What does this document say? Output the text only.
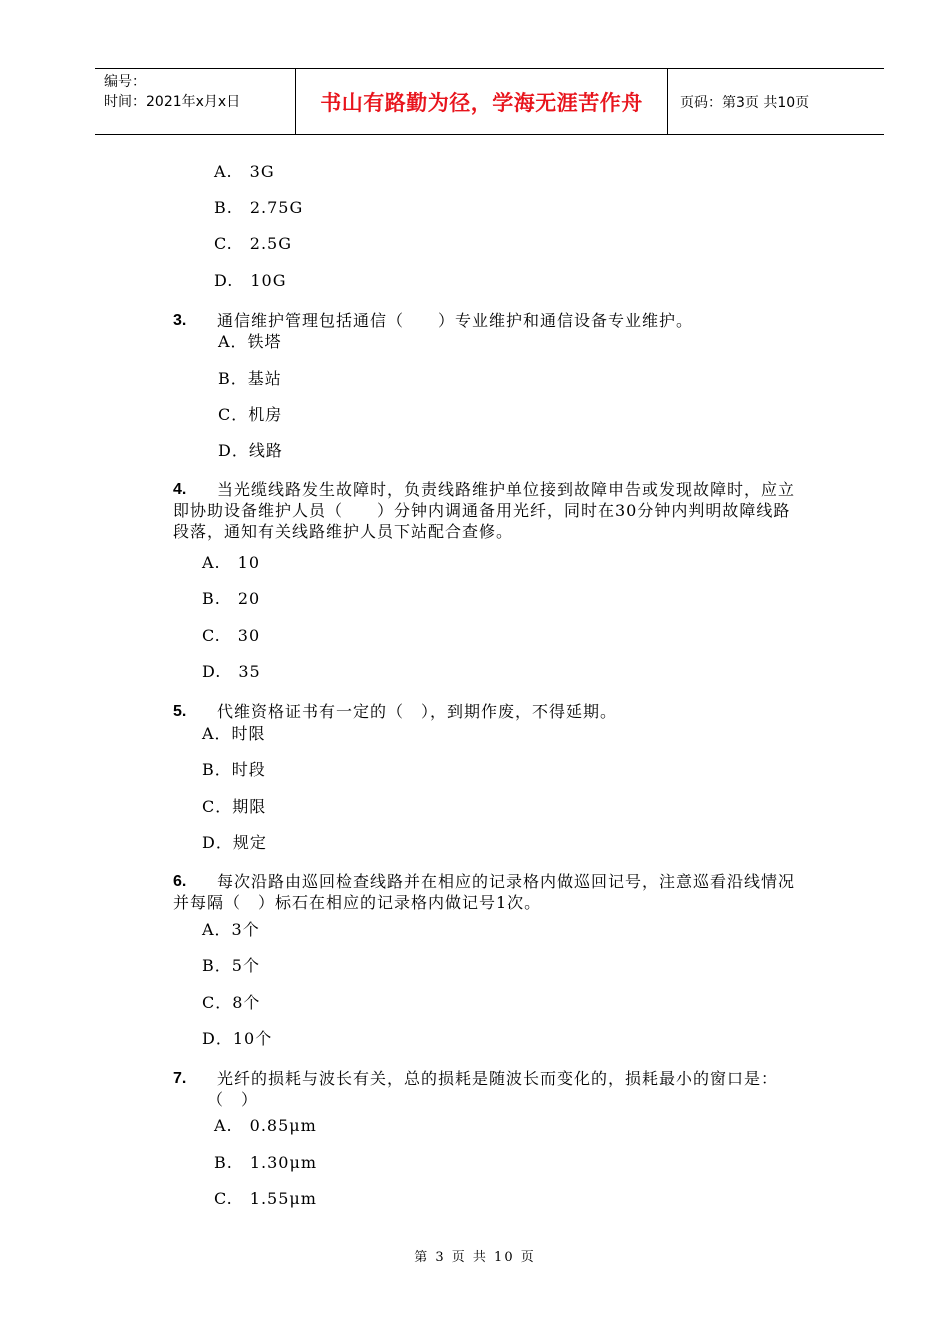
编号：
时间：2021年x月x日	书山有路勤为径，学海无涯苦作舟	页码：第3页 共10页
A.　3G
B.　2.75G
C.　2.5G
D.　10G
3.	通信维护管理包括通信（　　）专业维护和通信设备专业维护。
A．铁塔
B．基站
C．机房
D．线路
4.	当光缆线路发生故障时，负责线路维护单位接到故障申告或发现故障时，应立即协助设备维护人员（　　）分钟内调通备用光纤，同时在30分钟内判明故障线路段落，通知有关线路维护人员下站配合查修。
A.　10
B.　20
C.　30
D.　35
5.	代维资格证书有一定的（　），到期作废，不得延期。
A．时限
B．时段
C．期限
D．规定
6.	每次沿路由巡回检查线路并在相应的记录格内做巡回记号，注意巡看沿线情况并每隔（　）标石在相应的记录格内做记号1次。
A．3个
B．5个
C．8个
D．10个
7.	光纤的损耗与波长有关，总的损耗是随波长而变化的，损耗最小的窗口是：（　）
A.　0.85μm
B.　1.30μm
C.　1.55μm
第 3 页 共 10 页
